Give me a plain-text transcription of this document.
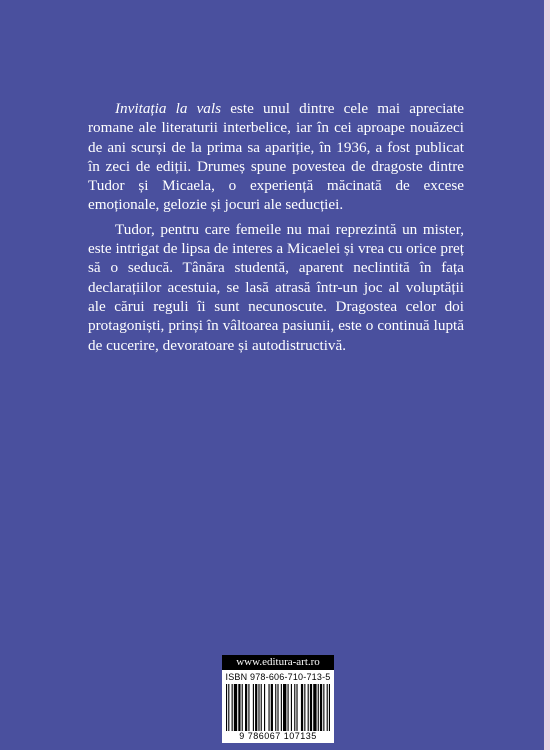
Invitația la vals este unul dintre cele mai apreciate romane ale literaturii interbelice, iar în cei aproape nouăzeci de ani scurși de la prima sa apariție, în 1936, a fost publicat în zeci de ediții. Drumeș spune povestea de dragoste dintre Tudor și Micaela, o experiență măcinată de excese emoționale, gelozie și jocuri ale seducției.

Tudor, pentru care femeile nu mai reprezintă un mister, este intrigat de lipsa de interes a Micaelei și vrea cu orice preț să o seducă. Tânăra studentă, aparent neclintită în fața declarațiilor acestuia, se lasă atrasă într-un joc al voluptății ale cărui reguli îi sunt necunoscute. Dragostea celor doi protagoniști, prinși în vâltoarea pasiunii, este o continuă luptă de cucerire, devoratoare și autodistructivă.

www.editura-art.ro
ISBN 978-606-710-713-5
9 786067 107135
